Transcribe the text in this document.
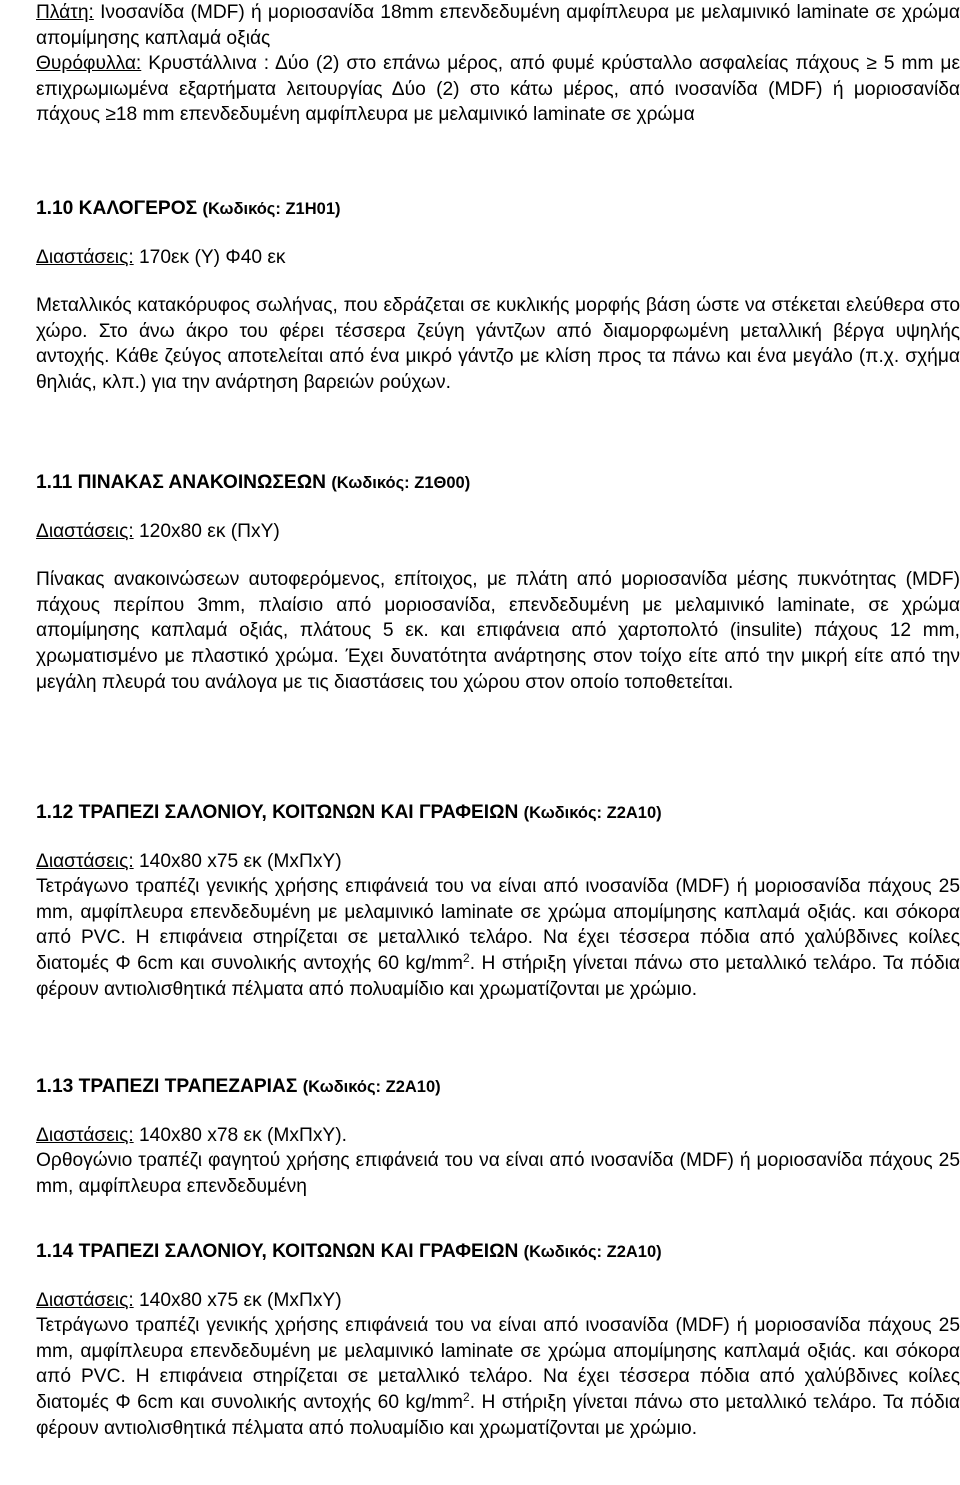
Πλάτη: Ινοσανίδα (MDF) ή μοριοσανίδα 18mm επενδεδυμένη αμφίπλευρα με μελαμινικό laminate σε χρώμα απομίμησης καπλαμά οξιάς

Θυρόφυλλα: Κρυστάλλινα : Δύο (2) στο επάνω μέρος, από φυμέ κρύσταλλο ασφαλείας πάχους ≥ 5 mm με επιχρωμιωμένα εξαρτήματα λειτουργίας Δύο (2) στο κάτω μέρος, από ινοσανίδα (MDF) ή μοριοσανίδα πάχους ≥18 mm επενδεδυμένη αμφίπλευρα με μελαμινικό laminate σε χρώμα

1.10 ΚΑΛΟΓΕΡΟΣ (Κωδικός: Ζ1Η01)

Διαστάσεις: 170εκ (Υ) Φ40 εκ

Μεταλλικός κατακόρυφος σωλήνας, που εδράζεται σε κυκλικής μορφής βάση ώστε να στέκεται ελεύθερα στο χώρο. Στο άνω άκρο του φέρει τέσσερα ζεύγη γάντζων από διαμορφωμένη μεταλλική βέργα υψηλής αντοχής. Κάθε ζεύγος αποτελείται από ένα μικρό γάντζο με κλίση προς τα πάνω και ένα μεγάλο (π.χ. σχήμα θηλιάς, κλπ.) για την ανάρτηση βαρειών ρούχων.

1.11 ΠΙΝΑΚΑΣ ΑΝΑΚΟΙΝΩΣΕΩΝ (Κωδικός: Ζ1Θ00)

Διαστάσεις: 120x80 εκ (ΠxΥ)

Πίνακας ανακοινώσεων αυτοφερόμενος, επίτοιχος, με πλάτη από μοριοσανίδα μέσης πυκνότητας (MDF) πάχους περίπου 3mm, πλαίσιο από μοριοσανίδα, επενδεδυμένη με μελαμινικό laminate, σε χρώμα απομίμησης καπλαμά οξιάς, πλάτους 5 εκ. και επιφάνεια από χαρτοπολτό (insulite) πάχους 12 mm, χρωματισμένο με πλαστικό χρώμα. Έχει δυνατότητα ανάρτησης στον τοίχο είτε από την μικρή είτε από την μεγάλη πλευρά του ανάλογα με τις διαστάσεις του χώρου στον οποίο τοποθετείται.

1.12 ΤΡΑΠΕΖΙ ΣΑΛΟΝΙΟΥ, ΚΟΙΤΩΝΩΝ ΚΑΙ ΓΡΑΦΕΙΩΝ (Κωδικός: Ζ2Α10)

Διαστάσεις: 140x80 x75 εκ (ΜxΠxΥ)

Τετράγωνο τραπέζι γενικής χρήσης επιφάνειά του να είναι από ινοσανίδα (MDF) ή μοριοσανίδα πάχους 25 mm, αμφίπλευρα επενδεδυμένη με μελαμινικό laminate σε χρώμα απομίμησης καπλαμά οξιάς. και σόκορα από PVC. Η επιφάνεια στηρίζεται σε μεταλλικό τελάρο. Να έχει τέσσερα πόδια από χαλύβδινες κοίλες διατομές Φ 6cm και συνολικής αντοχής 60 $kg/mm^2$. Η στήριξη γίνεται πάνω στο μεταλλικό τελάρο. Τα πόδια φέρουν αντιολισθητικά πέλματα από πολυαμίδιο και χρωματίζονται με χρώμιο.

1.13 ΤΡΑΠΕΖΙ ΤΡΑΠΕΖΑΡΙΑΣ (Κωδικός: Ζ2Α10)

Διαστάσεις: 140x80 x78 εκ (ΜxΠxΥ).

Ορθογώνιο τραπέζι φαγητού χρήσης επιφάνειά του να είναι από ινοσανίδα (MDF) ή μοριοσανίδα πάχους 25 mm, αμφίπλευρα επενδεδυμένη

1.14 ΤΡΑΠΕΖΙ ΣΑΛΟΝΙΟΥ, ΚΟΙΤΩΝΩΝ ΚΑΙ ΓΡΑΦΕΙΩΝ (Κωδικός: Ζ2Α10)

Διαστάσεις: 140x80 x75 εκ (ΜxΠxΥ)

Τετράγωνο τραπέζι γενικής χρήσης επιφάνειά του να είναι από ινοσανίδα (MDF) ή μοριοσανίδα πάχους 25 mm, αμφίπλευρα επενδεδυμένη με μελαμινικό laminate σε χρώμα απομίμησης καπλαμά οξιάς. και σόκορα από PVC. Η επιφάνεια στηρίζεται σε μεταλλικό τελάρο. Να έχει τέσσερα πόδια από χαλύβδινες κοίλες διατομές Φ 6cm και συνολικής αντοχής 60 $kg/mm^2$. Η στήριξη γίνεται πάνω στο μεταλλικό τελάρο. Τα πόδια φέρουν αντιολισθητικά πέλματα από πολυαμίδιο και χρωματίζονται με χρώμιο.
